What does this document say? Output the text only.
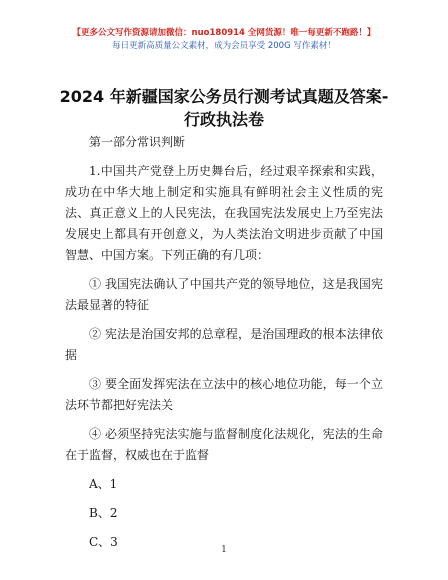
【更多公文写作资源请加微信：nuo180914 全网货源！唯一每更新不跑路！】
每日更新高质量公文素材，成为会员享受 200G 写作素材！
2024 年新疆国家公务员行测考试真题及答案-
行政执法卷
第一部分常识判断
1.中国共产党登上历史舞台后，经过艰辛探索和实践，成功在中华大地上制定和实施具有鲜明社会主义性质的宪法、真正意义上的人民宪法，在我国宪法发展史上乃至宪法发展史上都具有开创意义，为人类法治文明进步贡献了中国智慧、中国方案。下列正确的有几项：
① 我国宪法确认了中国共产党的领导地位，这是我国宪法最显著的特征
② 宪法是治国安邦的总章程，是治国理政的根本法律依据
③ 要全面发挥宪法在立法中的核心地位功能，每一个立法环节都把好宪法关
④ 必须坚持宪法实施与监督制度化法规化，宪法的生命在于监督，权威也在于监督
A、1
B、2
C、3
1
